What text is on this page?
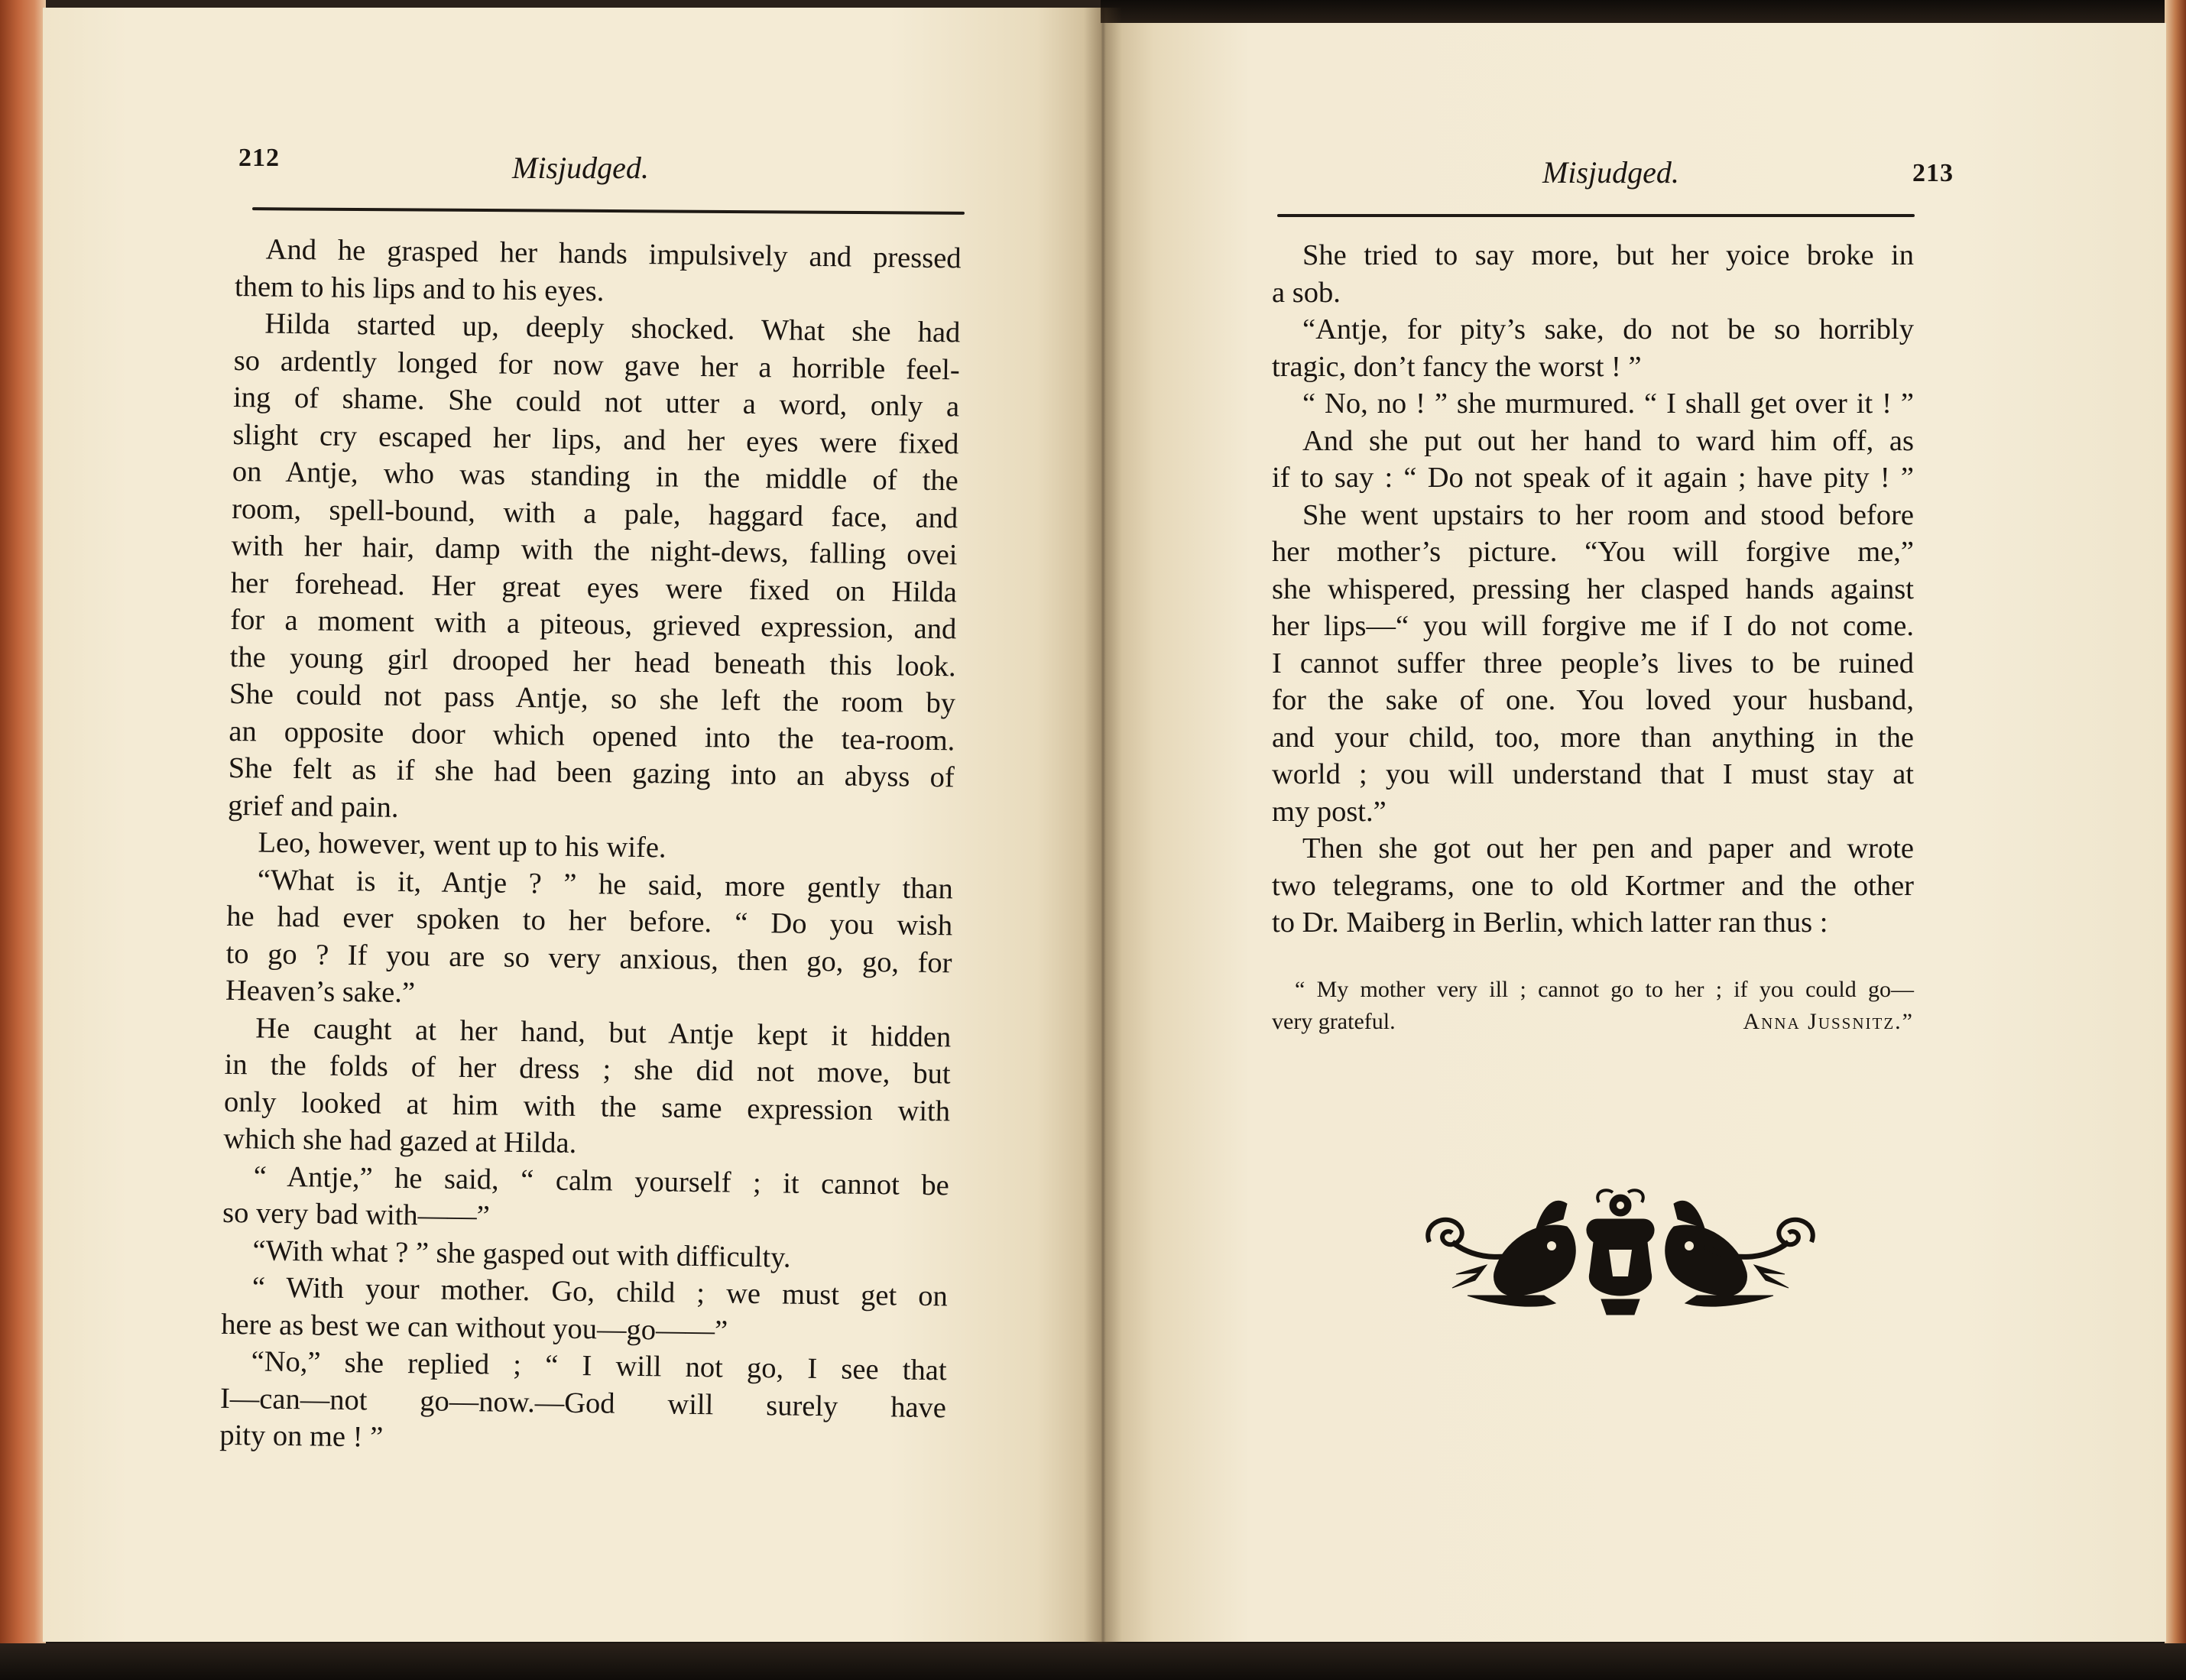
212	Misjudged.
And he grasped her hands impulsively and pressed
them to his lips and to his eyes.
Hilda started up, deeply shocked. What she had
so ardently longed for now gave her a horrible feel-
ing of shame. She could not utter a word, only a
slight cry escaped her lips, and her eyes were fixed
on Antje, who was standing in the middle of the
room, spell-bound, with a pale, haggard face, and
with her hair, damp with the night-dews, falling ovei
her forehead. Her great eyes were fixed on Hilda
for a moment with a piteous, grieved expression, and
the young girl drooped her head beneath this look.
She could not pass Antje, so she left the room by
an opposite door which opened into the tea-room.
She felt as if she had been gazing into an abyss of
grief and pain.
Leo, however, went up to his wife.
“What is it, Antje ? ” he said, more gently than
he had ever spoken to her before. “ Do you wish
to go ? If you are so very anxious, then go, go, for
Heaven’s sake.”
He caught at her hand, but Antje kept it hidden
in the folds of her dress ; she did not move, but
only looked at him with the same expression with
which she had gazed at Hilda.
“ Antje,” he said, “ calm yourself ; it cannot be
so very bad with——”
“With what ? ” she gasped out with difficulty.
“ With your mother. Go, child ; we must get on
here as best we can without you—go——”
“No,” she replied ; “ I will not go, I see that
I—can—not go—now.—God will surely have
pity on me ! ”
Misjudged.	213
She tried to say more, but her yoice broke in
a sob.
“Antje, for pity’s sake, do not be so horribly
tragic, don’t fancy the worst ! ”
“ No, no ! ” she murmured. “ I shall get over it ! ”
And she put out her hand to ward him off, as
if to say : “ Do not speak of it again ; have pity ! ”
She went upstairs to her room and stood before
her mother’s picture. “You will forgive me,”
she whispered, pressing her clasped hands against
her lips—“ you will forgive me if I do not come.
I cannot suffer three people’s lives to be ruined
for the sake of one. You loved your husband,
and your child, too, more than anything in the
world ; you will understand that I must stay at
my post.”
Then she got out her pen and paper and wrote
two telegrams, one to old Kortmer and the other
to Dr. Maiberg in Berlin, which latter ran thus :
“ My mother very ill ; cannot go to her ; if you could go—
very grateful.	Anna Jussnitz.”
